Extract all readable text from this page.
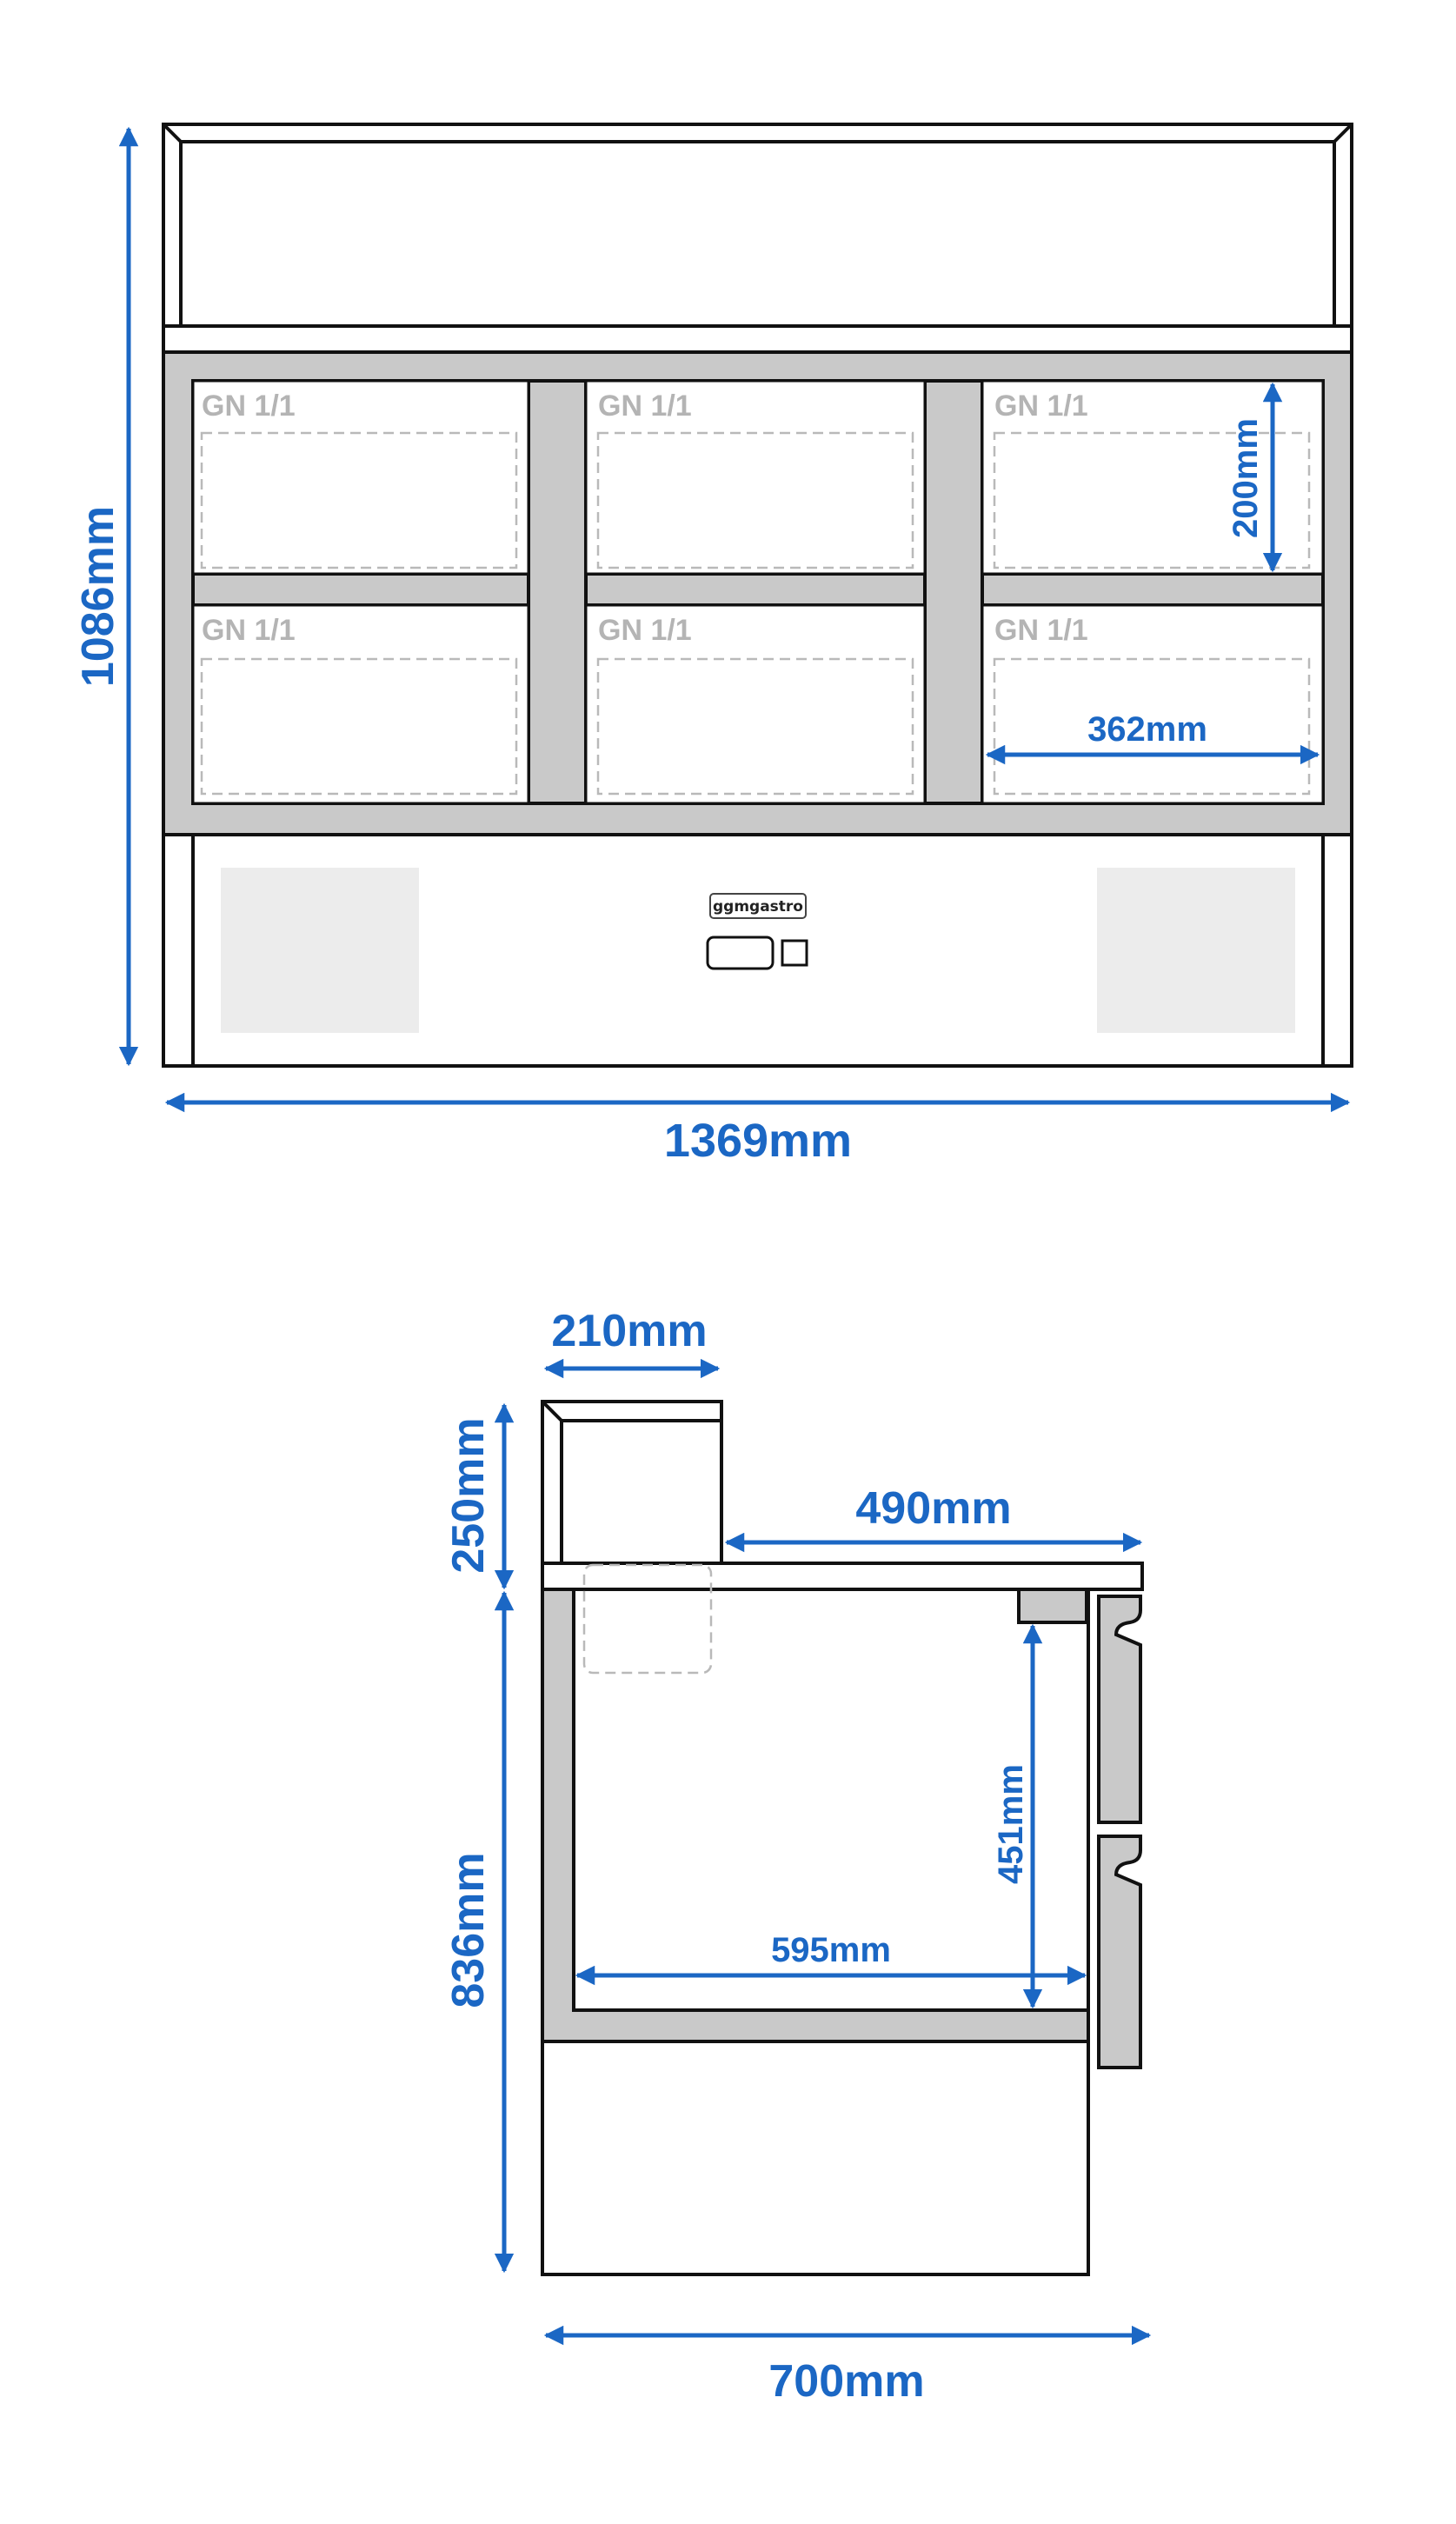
GN 1/1	GN 1/1	GN 1/1
GN 1/1	GN 1/1	GN 1/1
ggmgastro
1086mm
1369mm
200mm
362mm
210mm
250mm	490mm
836mm
451mm
595mm
700mm
